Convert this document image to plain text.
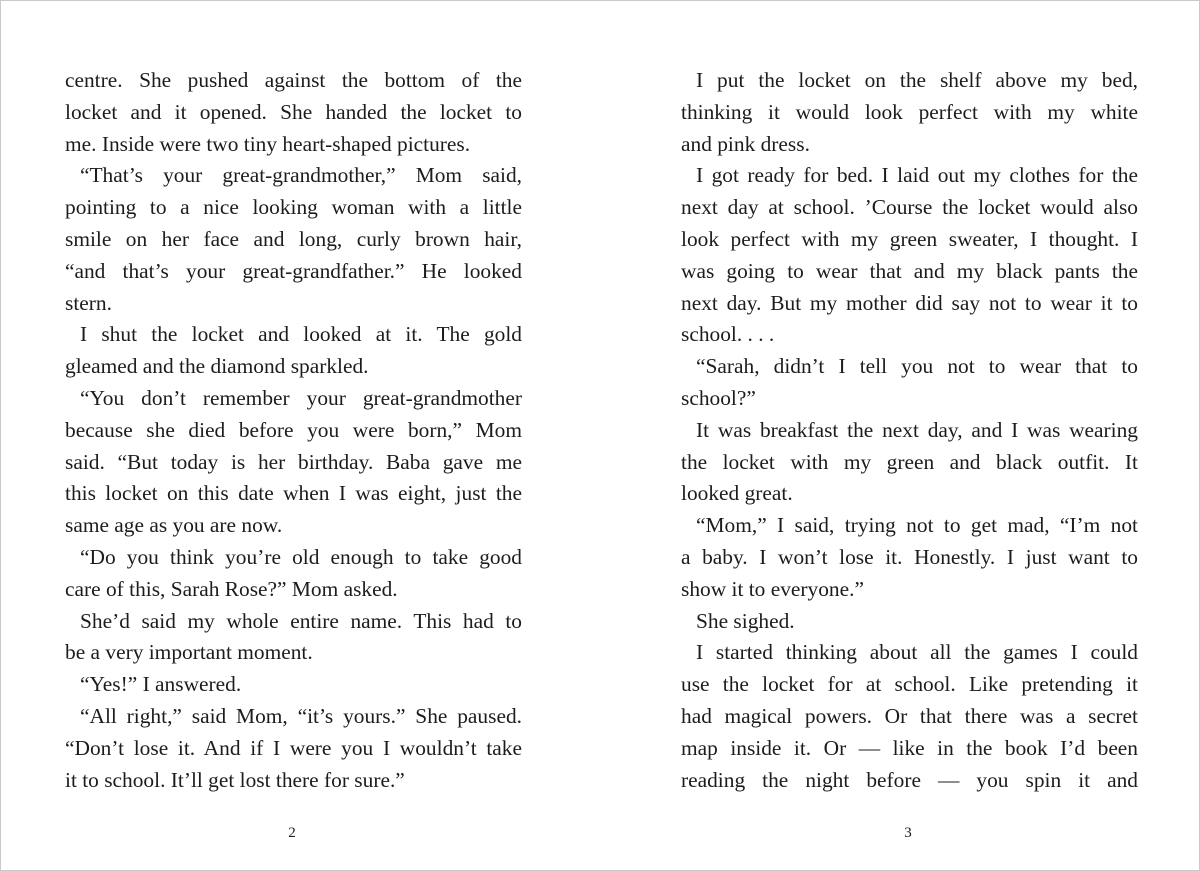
centre. She pushed against the bottom of the
locket and it opened. She handed the locket to
me. Inside were two tiny heart-shaped pictures.
“That’s your great-grandmother,” Mom said,
pointing to a nice looking woman with a little
smile on her face and long, curly brown hair,
“and that’s your great-grandfather.” He looked
stern.
I shut the locket and looked at it. The gold
gleamed and the diamond sparkled.
“You don’t remember your great-grandmother
because she died before you were born,” Mom
said. “But today is her birthday. Baba gave me
this locket on this date when I was eight, just the
same age as you are now.
“Do you think you’re old enough to take good
care of this, Sarah Rose?” Mom asked.
She’d said my whole entire name. This had to
be a very important moment.
“Yes!” I answered.
“All right,” said Mom, “it’s yours.” She paused.
“Don’t lose it. And if I were you I wouldn’t take
it to school. It’ll get lost there for sure.”
2
I put the locket on the shelf above my bed,
thinking it would look perfect with my white
and pink dress.
I got ready for bed. I laid out my clothes for the
next day at school. ’Course the locket would also
look perfect with my green sweater, I thought. I
was going to wear that and my black pants the
next day. But my mother did say not to wear it to
school. . . .
“Sarah, didn’t I tell you not to wear that to
school?”
It was breakfast the next day, and I was wearing
the locket with my green and black outfit. It
looked great.
“Mom,” I said, trying not to get mad, “I’m not
a baby. I won’t lose it. Honestly. I just want to
show it to everyone.”
She sighed.
I started thinking about all the games I could
use the locket for at school. Like pretending it
had magical powers. Or that there was a secret
map inside it. Or — like in the book I’d been
reading the night before — you spin it and
3
